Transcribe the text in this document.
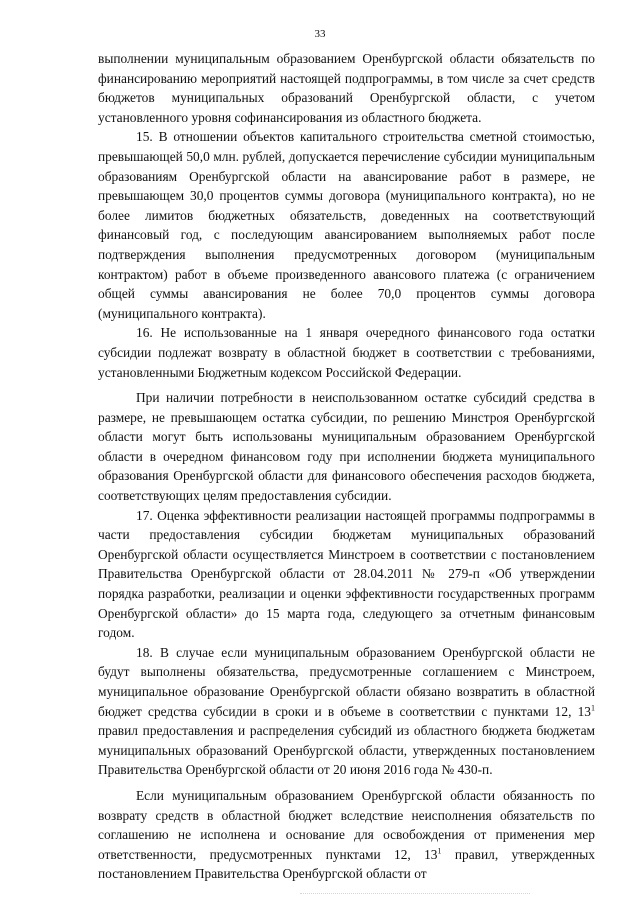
33

выполнении муниципальным образованием Оренбургской области обязательств по финансированию мероприятий настоящей подпрограммы, в том числе за счет средств бюджетов муниципальных образований Оренбургской области, с учетом установленного уровня софинансирования из областного бюджета.

15. В отношении объектов капитального строительства сметной стоимостью, превышающей 50,0 млн. рублей, допускается перечисление субсидии муниципальным образованиям Оренбургской области на авансирование работ в размере, не превышающем 30,0 процентов суммы договора (муниципального контракта), но не более лимитов бюджетных обязательств, доведенных на соответствующий финансовый год, с последующим авансированием выполняемых работ после подтверждения выполнения предусмотренных договором (муниципальным контрактом) работ в объеме произведенного авансового платежа (с ограничением общей суммы авансирования не более 70,0 процентов суммы договора (муниципального контракта).

16. Не использованные на 1 января очередного финансового года остатки субсидии подлежат возврату в областной бюджет в соответствии с требованиями, установленными Бюджетным кодексом Российской Федерации.

При наличии потребности в неиспользованном остатке субсидий средства в размере, не превышающем остатка субсидии, по решению Минстроя Оренбургской области могут быть использованы муниципальным образованием Оренбургской области в очередном финансовом году при исполнении бюджета муниципального образования Оренбургской области для финансового обеспечения расходов бюджета, соответствующих целям предоставления субсидии.

17. Оценка эффективности реализации настоящей программы подпрограммы в части предоставления субсидии бюджетам муниципальных образований Оренбургской области осуществляется Минстроем в соответствии с постановлением Правительства Оренбургской области от 28.04.2011 № 279-п «Об утверждении порядка разработки, реализации и оценки эффективности государственных программ Оренбургской области» до 15 марта года, следующего за отчетным финансовым годом.

18. В случае если муниципальным образованием Оренбургской области не будут выполнены обязательства, предусмотренные соглашением с Минстроем, муниципальное образование Оренбургской области обязано возвратить в областной бюджет средства субсидии в сроки и в объеме в соответствии с пунктами 12, $13^1$ правил предоставления и распределения субсидий из областного бюджета бюджетам муниципальных образований Оренбургской области, утвержденных постановлением Правительства Оренбургской области от 20 июня 2016 года № 430-п.

Если муниципальным образованием Оренбургской области обязанность по возврату средств в областной бюджет вследствие неисполнения обязательств по соглашению не исполнена и основание для освобождения от применения мер ответственности, предусмотренных пунктами 12, $13^1$ правил, утвержденных постановлением Правительства Оренбургской области от
